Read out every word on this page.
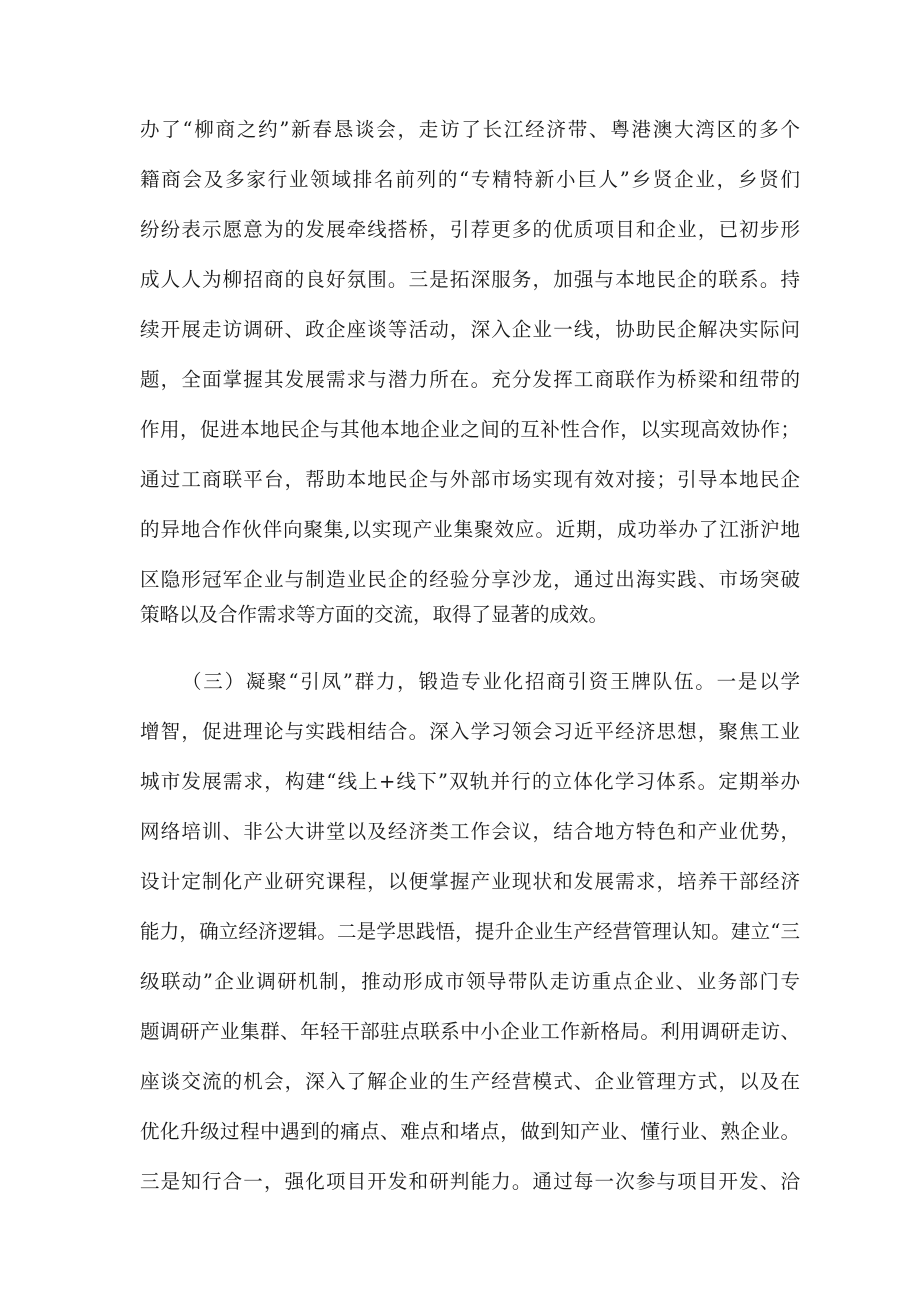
办了“柳商之约”新春恳谈会，走访了长江经济带、粤港澳大湾区的多个
籍商会及多家行业领域排名前列的“专精特新小巨人”乡贤企业，乡贤们
纷纷表示愿意为的发展牵线搭桥，引荐更多的优质项目和企业，已初步形
成人人为柳招商的良好氛围。三是拓深服务，加强与本地民企的联系。持
续开展走访调研、政企座谈等活动，深入企业一线，协助民企解决实际问
题，全面掌握其发展需求与潜力所在。充分发挥工商联作为桥梁和纽带的
作用，促进本地民企与其他本地企业之间的互补性合作，以实现高效协作；
通过工商联平台，帮助本地民企与外部市场实现有效对接；引导本地民企
的异地合作伙伴向聚集,以实现产业集聚效应。近期，成功举办了江浙沪地
区隐形冠军企业与制造业民企的经验分享沙龙，通过出海实践、市场突破
策略以及合作需求等方面的交流，取得了显著的成效。
（三）凝聚“引凤”群力，锻造专业化招商引资王牌队伍。一是以学
增智，促进理论与实践相结合。深入学习领会习近平经济思想，聚焦工业
城市发展需求，构建“线上+线下”双轨并行的立体化学习体系。定期举办
网络培训、非公大讲堂以及经济类工作会议，结合地方特色和产业优势，
设计定制化产业研究课程，以便掌握产业现状和发展需求，培养干部经济
能力，确立经济逻辑。二是学思践悟，提升企业生产经营管理认知。建立“三
级联动”企业调研机制，推动形成市领导带队走访重点企业、业务部门专
题调研产业集群、年轻干部驻点联系中小企业工作新格局。利用调研走访、
座谈交流的机会，深入了解企业的生产经营模式、企业管理方式，以及在
优化升级过程中遇到的痛点、难点和堵点，做到知产业、懂行业、熟企业。
三是知行合一，强化项目开发和研判能力。通过每一次参与项目开发、洽
